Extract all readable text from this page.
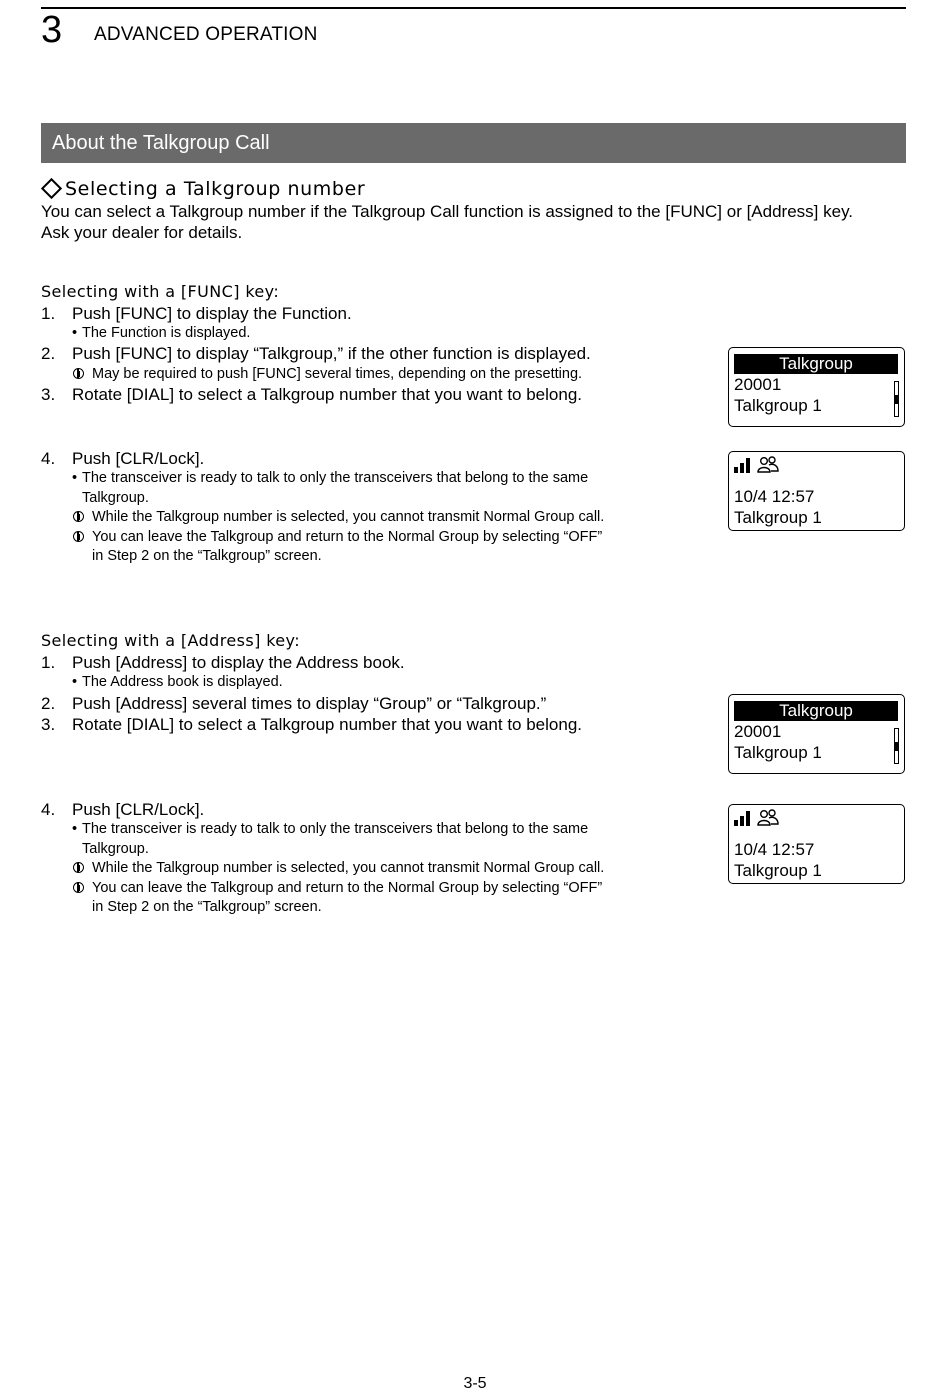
3 ADVANCED OPERATION
About the Talkgroup Call
Selecting a Talkgroup number
You can select a Talkgroup number if the Talkgroup Call function is assigned to the [FUNC] or [Address] key.
Ask your dealer for details.
Selecting with a [FUNC] key:
1. Push [FUNC] to display the Function.
• The Function is displayed.
2. Push [FUNC] to display “Talkgroup,” if the other function is displayed.
May be required to push [FUNC] several times, depending on the presetting.
3. Rotate [DIAL] to select a Talkgroup number that you want to belong.
4. Push [CLR/Lock].
• The transceiver is ready to talk to only the transceivers that belong to the same
Talkgroup.
While the Talkgroup number is selected, you cannot transmit Normal Group call.
You can leave the Talkgroup and return to the Normal Group by selecting “OFF”
in Step 2 on the “Talkgroup” screen.
Talkgroup
20001
Talkgroup 1
10/4 12:57
Talkgroup 1
Selecting with a [Address] key:
1. Push [Address] to display the Address book.
• The Address book is displayed.
2. Push [Address] several times to display “Group” or “Talkgroup.”
3. Rotate [DIAL] to select a Talkgroup number that you want to belong.
4. Push [CLR/Lock].
• The transceiver is ready to talk to only the transceivers that belong to the same
Talkgroup.
While the Talkgroup number is selected, you cannot transmit Normal Group call.
You can leave the Talkgroup and return to the Normal Group by selecting “OFF”
in Step 2 on the “Talkgroup” screen.
Talkgroup
20001
Talkgroup 1
10/4 12:57
Talkgroup 1
3-5
